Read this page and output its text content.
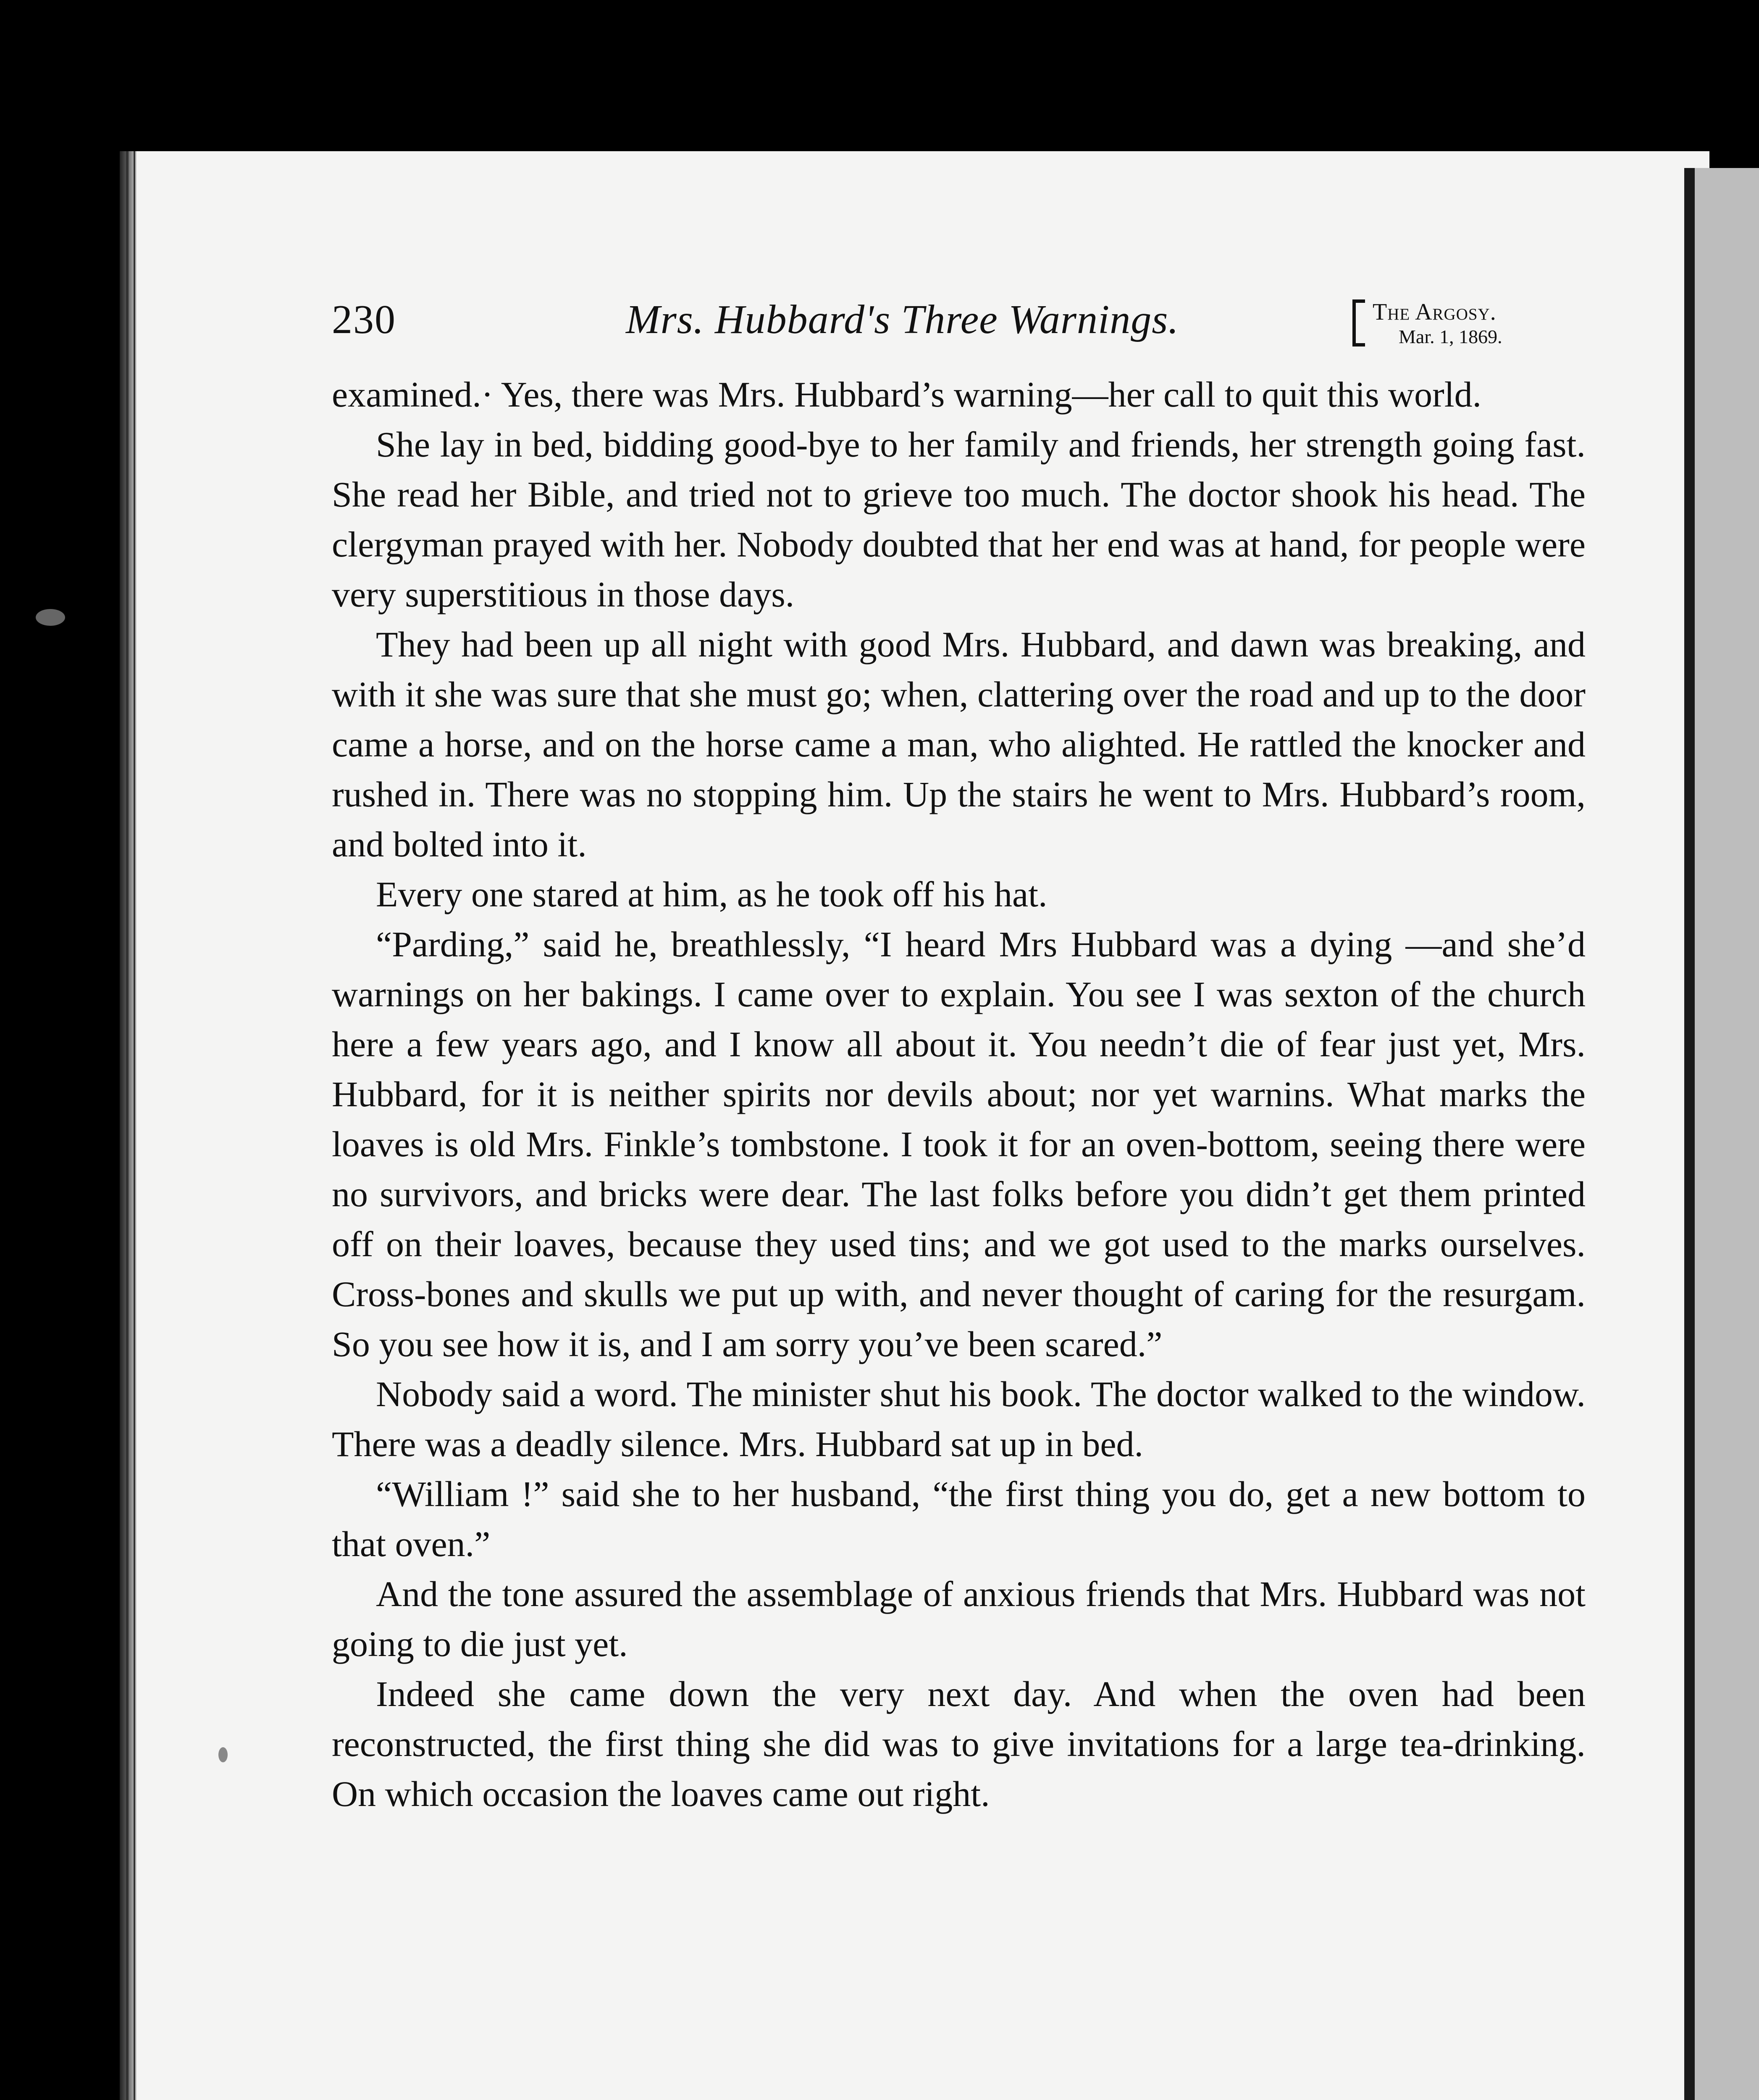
230	Mrs. Hubbard's Three Warnings.	The Argosy.
Mar. 1, 1869.

examined.· Yes, there was Mrs. Hubbard’s warning—her call to quit this world.

She lay in bed, bidding good-bye to her family and friends, her strength going fast. She read her Bible, and tried not to grieve too much. The doctor shook his head. The clergyman prayed with her. Nobody doubted that her end was at hand, for people were very superstitious in those days.

They had been up all night with good Mrs. Hubbard, and dawn was breaking, and with it she was sure that she must go; when, clattering over the road and up to the door came a horse, and on the horse came a man, who alighted. He rattled the knocker and rushed in. There was no stopping him. Up the stairs he went to Mrs. Hubbard’s room, and bolted into it.

Every one stared at him, as he took off his hat.

“Parding,” said he, breathlessly, “I heard Mrs Hubbard was a dying —and she’d warnings on her bakings. I came over to explain. You see I was sexton of the church here a few years ago, and I know all about it. You needn’t die of fear just yet, Mrs. Hubbard, for it is neither spirits nor devils about; nor yet warnins. What marks the loaves is old Mrs. Finkle’s tombstone. I took it for an oven-bottom, seeing there were no survivors, and bricks were dear. The last folks before you didn’t get them printed off on their loaves, because they used tins; and we got used to the marks ourselves. Cross-bones and skulls we put up with, and never thought of caring for the resurgam. So you see how it is, and I am sorry you’ve been scared.”

Nobody said a word. The minister shut his book. The doctor walked to the window. There was a deadly silence. Mrs. Hubbard sat up in bed.

“William !” said she to her husband, “the first thing you do, get a new bottom to that oven.”

And the tone assured the assemblage of anxious friends that Mrs. Hubbard was not going to die just yet.

Indeed she came down the very next day. And when the oven had been reconstructed, the first thing she did was to give invitations for a large tea-drinking. On which occasion the loaves came out right.
